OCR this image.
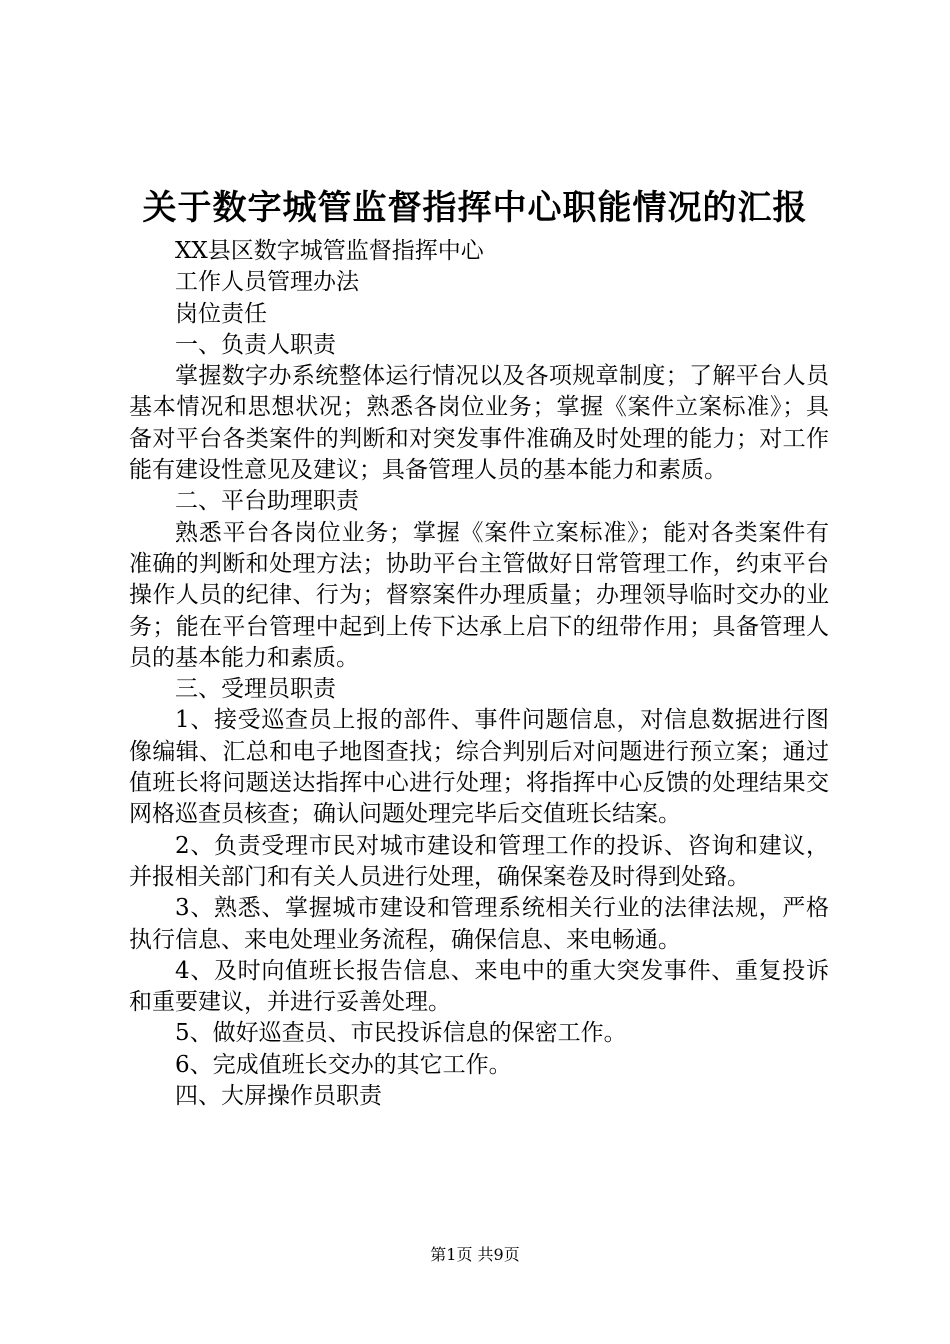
关于数字城管监督指挥中心职能情况的汇报

XX县区数字城管监督指挥中心

工作人员管理办法

岗位责任

一、负责人职责

掌握数字办系统整体运行情况以及各项规章制度；了解平台人员基本情况和思想状况；熟悉各岗位业务；掌握《案件立案标准》；具备对平台各类案件的判断和对突发事件准确及时处理的能力；对工作能有建设性意见及建议；具备管理人员的基本能力和素质。

二、平台助理职责

熟悉平台各岗位业务；掌握《案件立案标准》；能对各类案件有准确的判断和处理方法；协助平台主管做好日常管理工作，约束平台操作人员的纪律、行为；督察案件办理质量；办理领导临时交办的业务；能在平台管理中起到上传下达承上启下的纽带作用；具备管理人员的基本能力和素质。

三、受理员职责

1、接受巡查员上报的部件、事件问题信息，对信息数据进行图像编辑、汇总和电子地图查找；综合判别后对问题进行预立案；通过值班长将问题送达指挥中心进行处理；将指挥中心反馈的处理结果交网格巡查员核查；确认问题处理完毕后交值班长结案。

2、负责受理市民对城市建设和管理工作的投诉、咨询和建议，并报相关部门和有关人员进行处理，确保案卷及时得到处臵。

3、熟悉、掌握城市建设和管理系统相关行业的法律法规，严格执行信息、来电处理业务流程，确保信息、来电畅通。

4、及时向值班长报告信息、来电中的重大突发事件、重复投诉和重要建议，并进行妥善处理。

5、做好巡查员、市民投诉信息的保密工作。

6、完成值班长交办的其它工作。

四、大屏操作员职责

第1页 共9页
